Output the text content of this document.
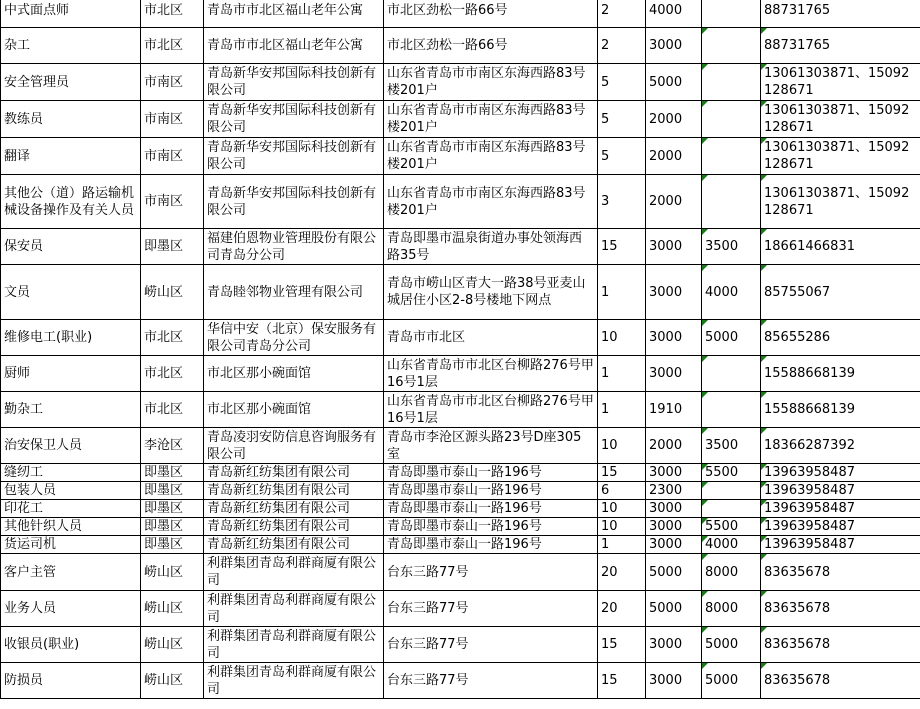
中式面点师	市北区	青岛市市北区福山老年公寓	市北区劲松一路66号	2	4000		88731765
杂工	市北区	青岛市市北区福山老年公寓	市北区劲松一路66号	2	3000		88731765
安全管理员	市南区	青岛新华安邦国际科技创新有限公司	山东省青岛市市南区东海西路83号楼201户	5	5000		13061303871、15092128671
教练员	市南区	青岛新华安邦国际科技创新有限公司	山东省青岛市市南区东海西路83号楼201户	5	2000		13061303871、15092128671
翻译	市南区	青岛新华安邦国际科技创新有限公司	山东省青岛市市南区东海西路83号楼201户	5	2000		13061303871、15092128671
其他公（道）路运输机械设备操作及有关人员	市南区	青岛新华安邦国际科技创新有限公司	山东省青岛市市南区东海西路83号楼201户	3	2000		13061303871、15092128671
保安员	即墨区	福建伯恩物业管理股份有限公司青岛分公司	青岛即墨市温泉街道办事处领海西路35号	15	3000	3500	18661466831
文员	崂山区	青岛睦邻物业管理有限公司	青岛市崂山区青大一路38号亚麦山城居住小区2-8号楼地下网点	1	3000	4000	85755067
维修电工(职业)	市北区	华信中安（北京）保安服务有限公司青岛分公司	青岛市市北区	10	3000	5000	85655286
厨师	市北区	市北区那小碗面馆	山东省青岛市市北区台柳路276号甲16号1层	1	3000		15588668139
勤杂工	市北区	市北区那小碗面馆	山东省青岛市市北区台柳路276号甲16号1层	1	1910		15588668139
治安保卫人员	李沧区	青岛凌羽安防信息咨询服务有限公司	青岛市李沧区源头路23号D座305室	10	2000	3500	18366287392
缝纫工	即墨区	青岛新红纺集团有限公司	青岛即墨市泰山一路196号	15	3000	5500	13963958487
包装人员	即墨区	青岛新红纺集团有限公司	青岛即墨市泰山一路196号	6	2300		13963958487
印花工	即墨区	青岛新红纺集团有限公司	青岛即墨市泰山一路196号	10	3000		13963958487
其他针织人员	即墨区	青岛新红纺集团有限公司	青岛即墨市泰山一路196号	10	3000	5500	13963958487
货运司机	即墨区	青岛新红纺集团有限公司	青岛即墨市泰山一路196号	1	3000	4000	13963958487
客户主管	崂山区	利群集团青岛利群商厦有限公司	台东三路77号	20	5000	8000	83635678
业务人员	崂山区	利群集团青岛利群商厦有限公司	台东三路77号	20	5000	8000	83635678
收银员(职业)	崂山区	利群集团青岛利群商厦有限公司	台东三路77号	15	3000	5000	83635678
防损员	崂山区	利群集团青岛利群商厦有限公司	台东三路77号	15	3000	5000	83635678
